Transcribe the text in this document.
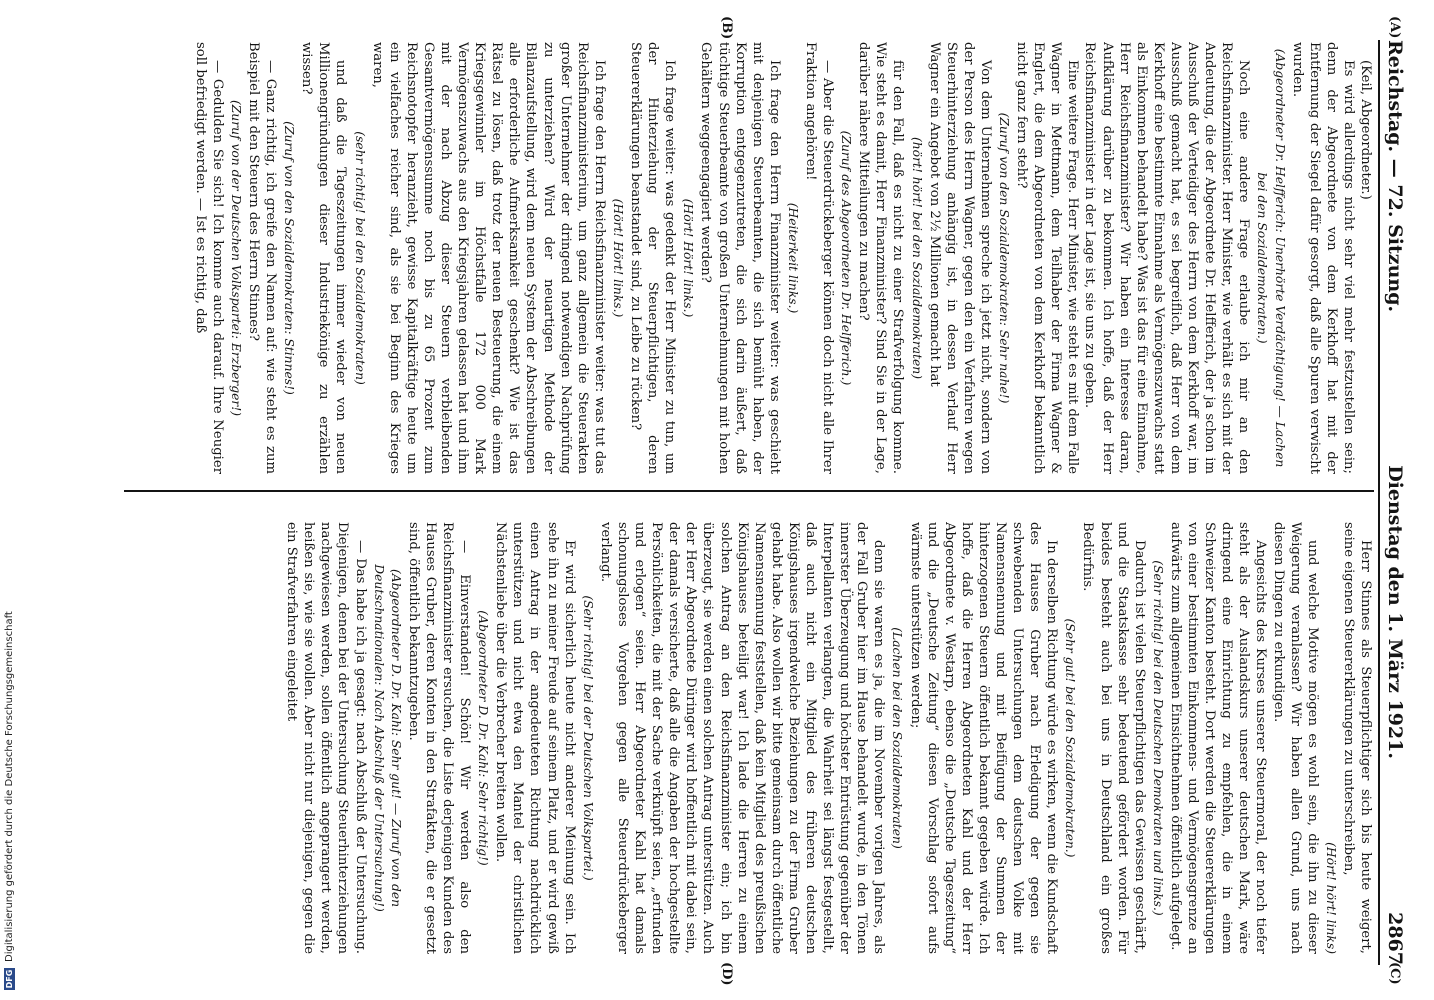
Reichstag. — 72. Sitzung.
Dienstag den 1. März 1921.
2867
(A)
(B)
(C)
(D)

(Keil, Abgeordneter.)

Es wird allerdings nicht sehr viel mehr festzustellen sein; denn der Abgeordnete von dem Kerkhoff hat mit der Entfernung der Siegel dafür gesorgt, daß alle Spuren verwischt wurden.

(Abgeordneter Dr. Helfferich: Unerhörte Verdächtigung! — Lachen bei den Sozialdemokraten.)

Noch eine andere Frage erlaube ich mir an den Reichsfinanzminister. Herr Minister, wie verhält es sich mit der Andeutung, die der Abgeordnete Dr. Helfferich, der ja schon im Ausschuß der Verteidiger des Herrn von dem Kerkhoff war, im Ausschuß gemacht hat, es sei begreiflich, daß Herr von dem Kerkhoff eine bestimmte Einnahme als Vermögenszuwachs statt als Einkommen behandelt habe? Was ist das für eine Einnahme, Herr Reichsfinanzminister? Wir haben ein Interesse daran, Aufklärung darüber zu bekommen. Ich hoffe, daß der Herr Reichsfinanzminister in der Lage ist, sie uns zu geben.

Eine weitere Frage. Herr Minister, wie steht es mit dem Falle Wagner in Mettmann, dem Teilhaber der Firma Wagner & Englert, die dem Abgeordneten von dem Kerkhoff bekanntlich nicht ganz fern steht?

(Zuruf von den Sozialdemokraten: Sehr nahe!)

Von dem Unternehmen spreche ich jetzt nicht, sondern von der Person des Herrn Wagner, gegen den ein Verfahren wegen Steuerhinterziehung anhängig ist, in dessen Verlauf Herr Wagner ein Angebot von 2½ Millionen gemacht hat

(hört! hört! bei den Sozialdemokraten)

für den Fall, daß es nicht zu einer Strafverfolgung komme. Wie steht es damit, Herr Finanzminister? Sind Sie in der Lage, darüber nähere Mitteilungen zu machen?

(Zuruf des Abgeordneten Dr. Helfferich.)

— Aber die Steuerdrückeberger können doch nicht alle Ihrer Fraktion angehören!

(Heiterkeit links.)

Ich frage den Herrn Finanzminister weiter: was geschieht mit denjenigen Steuerbeamten, die sich bemüht haben, der Korruption entgegenzutreten, die sich darin äußert, daß tüchtige Steuerbeamte von großen Unternehmungen mit hohen Gehältern weggeengagiert werden?

(Hört! Hört! links.)

Ich frage weiter: was gedenkt der Herr Minister zu tun, um der Hinterziehung der Steuerpflichtigen, deren Steuererklärungen beanstandet sind, zu Leibe zu rücken?

(Hört! Hört! links.)

Ich frage den Herrn Reichsfinanzminister weiter: was tut das Reichsfinanzministerium, um ganz allgemein die Steuerakten großer Unternehmer der dringend notwendigen Nachprüfung zu unterziehen? Wird der neuartigen Methode der Bilanzaufstellung, wird dem neuen System der Abschreibungen alle erforderliche Aufmerksamkeit geschenkt? Wie ist das Rätsel zu lösen, daß trotz der neuen Besteuerung, die einem Kriegsgewinnler im Höchstfalle 172 000 Mark Vermögenszuwachs aus den Kriegsjahren gelassen hat und ihm mit der nach Abzug dieser Steuern verbleibenden Gesamtvermögenssumme noch bis zu 65 Prozent zum Reichsnotopfer heranzieht, gewisse Kapitalkräftige heute um ein vielfaches reicher sind, als sie bei Beginn des Krieges waren,

(sehr richtig! bei den Sozialdemokraten)

und daß die Tageszeitungen immer wieder von neuen Millionengründungen dieser Industriekönige zu erzählen wissen?

(Zuruf von den Sozialdemokraten: Stinnes!)

— Ganz richtig, ich greife den Namen auf: wie steht es zum Beispiel mit den Steuern des Herrn Stinnes?

(Zuruf von der Deutschen Volkspartei: Erzberger!)

— Gedulden Sie sich! Ich komme auch darauf. Ihre Neugier soll befriedigt werden. — Ist es richtig, daß

Herr Stinnes als Steuerpflichtiger sich bis heute weigert, seine eigenen Steuererklärungen zu unterschreiben,

(Hört! hört! links)

und welche Motive mögen es wohl sein, die ihn zu dieser Weigerung veranlassen? Wir haben allen Grund, uns nach diesen Dingen zu erkundigen.

Angesichts des Kurses unserer Steuermoral, der noch tiefer steht als der Auslandskurs unserer deutschen Mark, wäre dringend eine Einrichtung zu empfehlen, die in einem Schweizer Kanton besteht. Dort werden die Steuererklärungen von einer bestimmten Einkommens- und Vermögensgrenze an aufwärts zum allgemeinen Einsichtnehmen öffentlich aufgelegt.

(Sehr richtig! bei den Deutschen Demokraten und links.)

Dadurch ist vielen Steuerpflichtigen das Gewissen geschärft, und die Staatskasse sehr bedeutend gefördert worden. Für beides besteht auch bei uns in Deutschland ein großes Bedürfnis.

(Sehr gut! bei den Sozialdemokraten.)

In derselben Richtung würde es wirken, wenn die Kundschaft des Hauses Gruber nach Erledigung der gegen sie schwebenden Untersuchungen dem deutschen Volke mit Namensnennung und mit Beifügung der Summen der hinterzogenen Steuern öffentlich bekannt gegeben würde. Ich hoffe, daß die Herren Abgeordneten Kahl und der Herr Abgeordnete v. Westarp, ebenso die „Deutsche Tageszeitung“ und die „Deutsche Zeitung“ diesen Vorschlag sofort aufs wärmste unterstützen werden;

(Lachen bei den Sozialdemokraten)

denn sie waren es ja, die im November vorigen Jahres, als der Fall Gruber hier im Hause behandelt wurde, in den Tönen innerster Überzeugung und höchster Entrüstung gegenüber der Interpellanten verlangten, die Wahrheit sei längst festgestellt, daß auch nicht ein Mitglied des früheren deutschen Königshauses irgendwelche Beziehungen zu der Firma Gruber gehabt habe. Also wollen wir bitte gemeinsam durch öffentliche Namensnennung feststellen, daß kein Mitglied des preußischen Königshauses beteiligt war! Ich lade die Herren zu einem solchen Antrag an den Reichsfinanzminister ein; ich bin überzeugt, sie werden einen solchen Antrag unterstützen. Auch der Herr Abgeordnete Düringer wird hoffentlich mit dabei sein, der damals versicherte, daß alle die Angaben der hochgestellte Persönlichkeiten, die mit der Sache verknüpft seien, „erfunden und erlogen“ seien. Herr Abgeordneter Kahl hat damals schonungsloses Vorgehen gegen alle Steuerdrückeberger verlangt.

(Sehr richtig! bei der Deutschen Volkspartei.)

Er wird sicherlich heute nicht anderer Meinung sein. Ich sehe ihn zu meiner Freude auf seinem Platz, und er wird gewiß einen Antrag in der angedeuteten Richtung nachdrücklich unterstützen und nicht etwa den Mantel der christlichen Nächstenliebe über die Verbrecher breiten wollen.

(Abgeordneter D. Dr. Kahl: Sehr richtig!)

— Einverstanden! Schön! Wir werden also den Reichsfinanzminister ersuchen, die Liste derjenigen Kunden des Hauses Gruber, deren Konten in den Strafakten, die er gesetzt sind, öffentlich bekanntzugeben.

(Abgeordneter D. Dr. Kahl: Sehr gut! — Zuruf von den Deutschnationalen: Nach Abschluß der Untersuchung!)

— Das habe ich ja gesagt: nach Abschluß der Untersuchung. Diejenigen, denen bei der Untersuchung Steuerhinterziehungen nachgewiesen werden, sollen öffentlich angeprangert werden, heißen sie, wie sie wollen. Aber nicht nur diejenigen, gegen die ein Strafverfahren eingeleitet

DFG
Digitalisierung gefördert durch die Deutsche Forschungsgemeinschaft
